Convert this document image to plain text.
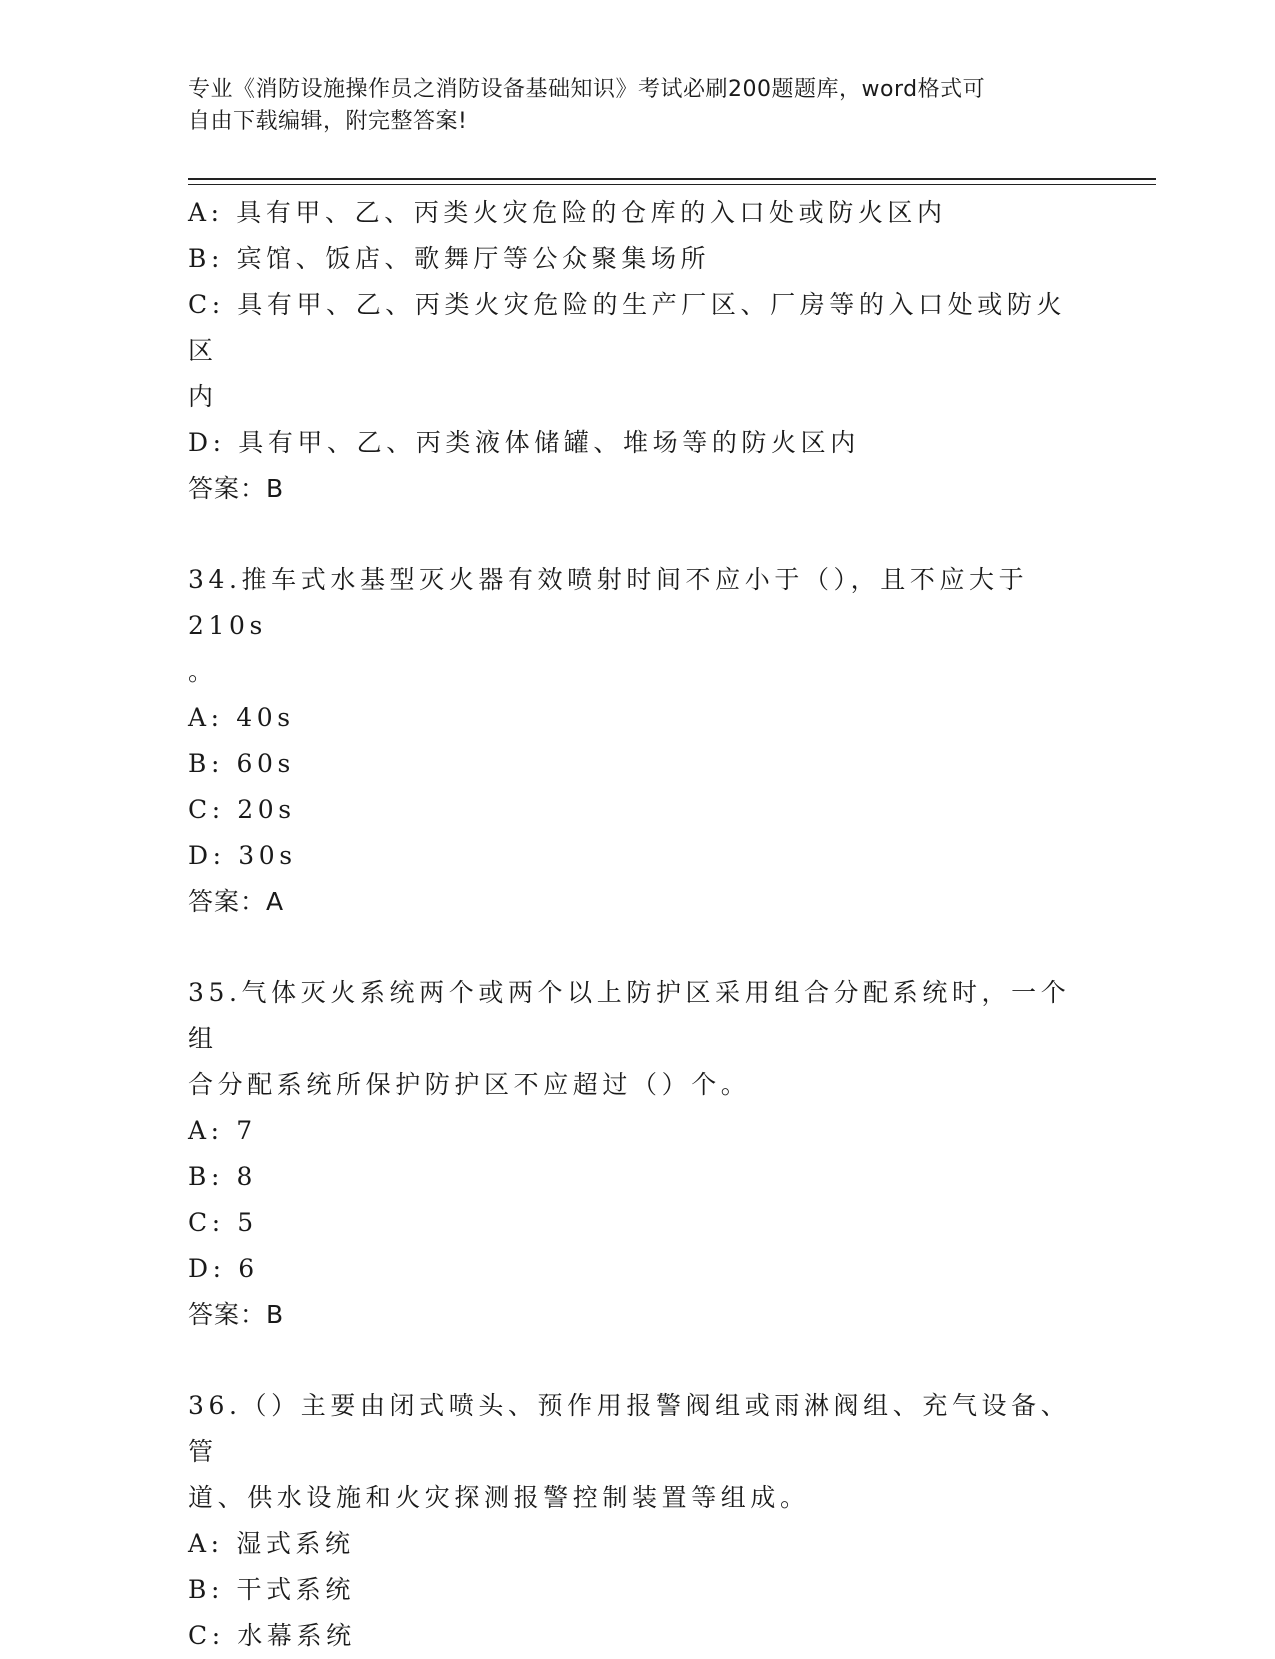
专业《消防设施操作员之消防设备基础知识》考试必刷200题题库，word格式可
自由下载编辑，附完整答案!
A: 具有甲、乙、丙类火灾危险的仓库的入口处或防火区内
B: 宾馆、饭店、歌舞厅等公众聚集场所
C: 具有甲、乙、丙类火灾危险的生产厂区、厂房等的入口处或防火区
内
D: 具有甲、乙、丙类液体储罐、堆场等的防火区内
答案：B
34.推车式水基型灭火器有效喷射时间不应小于（），且不应大于210s
。
A: 40s
B: 60s
C: 20s
D: 30s
答案：A
35.气体灭火系统两个或两个以上防护区采用组合分配系统时，一个组
合分配系统所保护防护区不应超过（）个。
A: 7
B: 8
C: 5
D: 6
答案：B
36.（）主要由闭式喷头、预作用报警阀组或雨淋阀组、充气设备、管
道、供水设施和火灾探测报警控制装置等组成。
A: 湿式系统
B: 干式系统
C: 水幕系统
